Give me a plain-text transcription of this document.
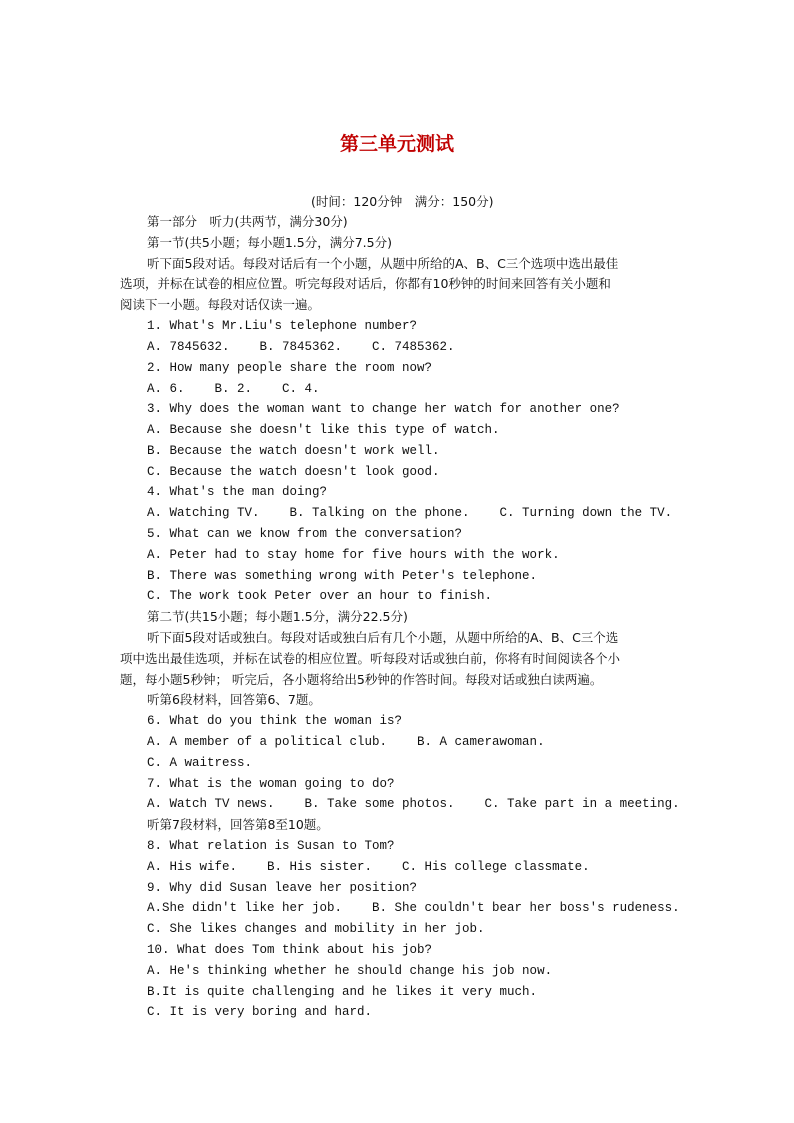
第三单元测试
(时间：120分钟　满分：150分)
第一部分　听力(共两节，满分30分)
第一节(共5小题；每小题1.5分，满分7.5分)
听下面5段对话。每段对话后有一个小题，从题中所给的A、B、C三个选项中选出最佳
选项，并标在试卷的相应位置。听完每段对话后，你都有10秒钟的时间来回答有关小题和
阅读下一小题。每段对话仅读一遍。
1. What's Mr.Liu's telephone number?
A. 7845632.    B. 7845362.    C. 7485362.
2. How many people share the room now?
A. 6.    B. 2.    C. 4.
3. Why does the woman want to change her watch for another one?
A. Because she doesn't like this type of watch.
B. Because the watch doesn't work well.
C. Because the watch doesn't look good.
4. What's the man doing?
A. Watching TV.    B. Talking on the phone.    C. Turning down the TV.
5. What can we know from the conversation?
A. Peter had to stay home for five hours with the work.
B. There was something wrong with Peter's telephone.
C. The work took Peter over an hour to finish.
第二节(共15小题；每小题1.5分，满分22.5分)
听下面5段对话或独白。每段对话或独白后有几个小题，从题中所给的A、B、C三个选
项中选出最佳选项，并标在试卷的相应位置。听每段对话或独白前，你将有时间阅读各个小
题，每小题5秒钟； 听完后，各小题将给出5秒钟的作答时间。每段对话或独白读两遍。
听第6段材料，回答第6、7题。
6. What do you think the woman is?
A. A member of a political club.    B. A camerawoman.
C. A waitress.
7. What is the woman going to do?
A. Watch TV news.    B. Take some photos.    C. Take part in a meeting.
听第7段材料，回答第8至10题。
8. What relation is Susan to Tom?
A. His wife.    B. His sister.    C. His college classmate.
9. Why did Susan leave her position?
A.She didn't like her job.    B. She couldn't bear her boss's rudeness.
C. She likes changes and mobility in her job.
10. What does Tom think about his job?
A. He's thinking whether he should change his job now.
B.It is quite challenging and he likes it very much.
C. It is very boring and hard.
